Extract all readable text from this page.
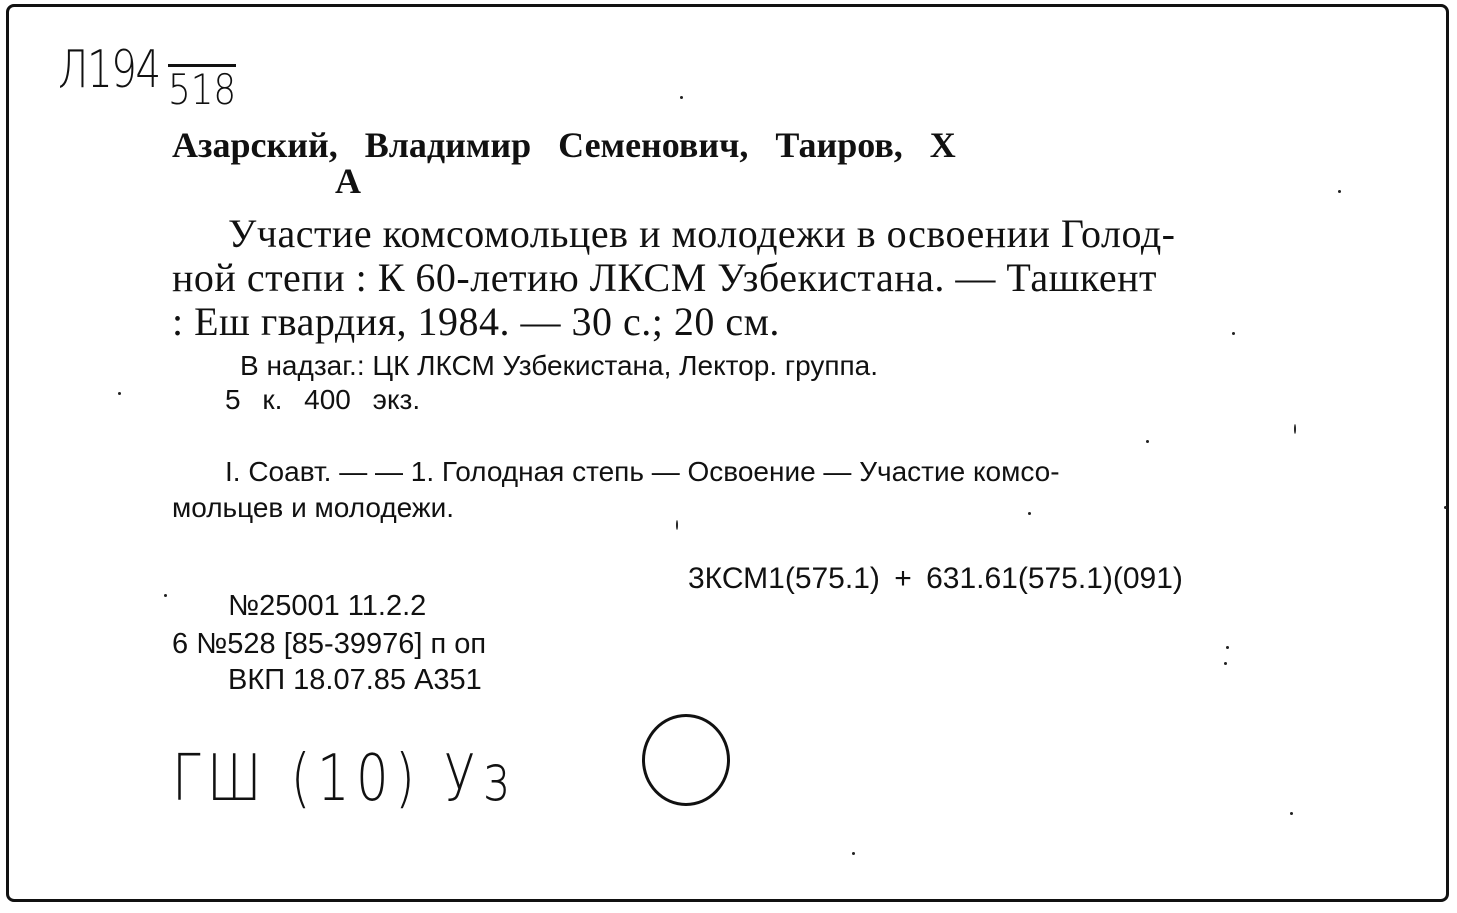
Л194 518
Азарский, Владимир Семенович, Таиров, Х
А
Участие комсомольцев и молодежи в освоении Голод-
ной степи : К 60-летию ЛКСМ Узбекистана. — Ташкент
: Еш гвардия, 1984. — 30 с.; 20 см.
В надзаг.: ЦК ЛКСМ Узбекистана, Лектор. группа.
5 к. 400 экз.
I. Соавт. — — 1. Голодная степь — Освоение — Участие комсо-
мольцев и молодежи.
3КСМ1(575.1) + 631.61(575.1)(091)
№25001 11.2.2
6 №528 [85-39976] п оп
ВКП 18.07.85 А351
ГШ (10) Уз
